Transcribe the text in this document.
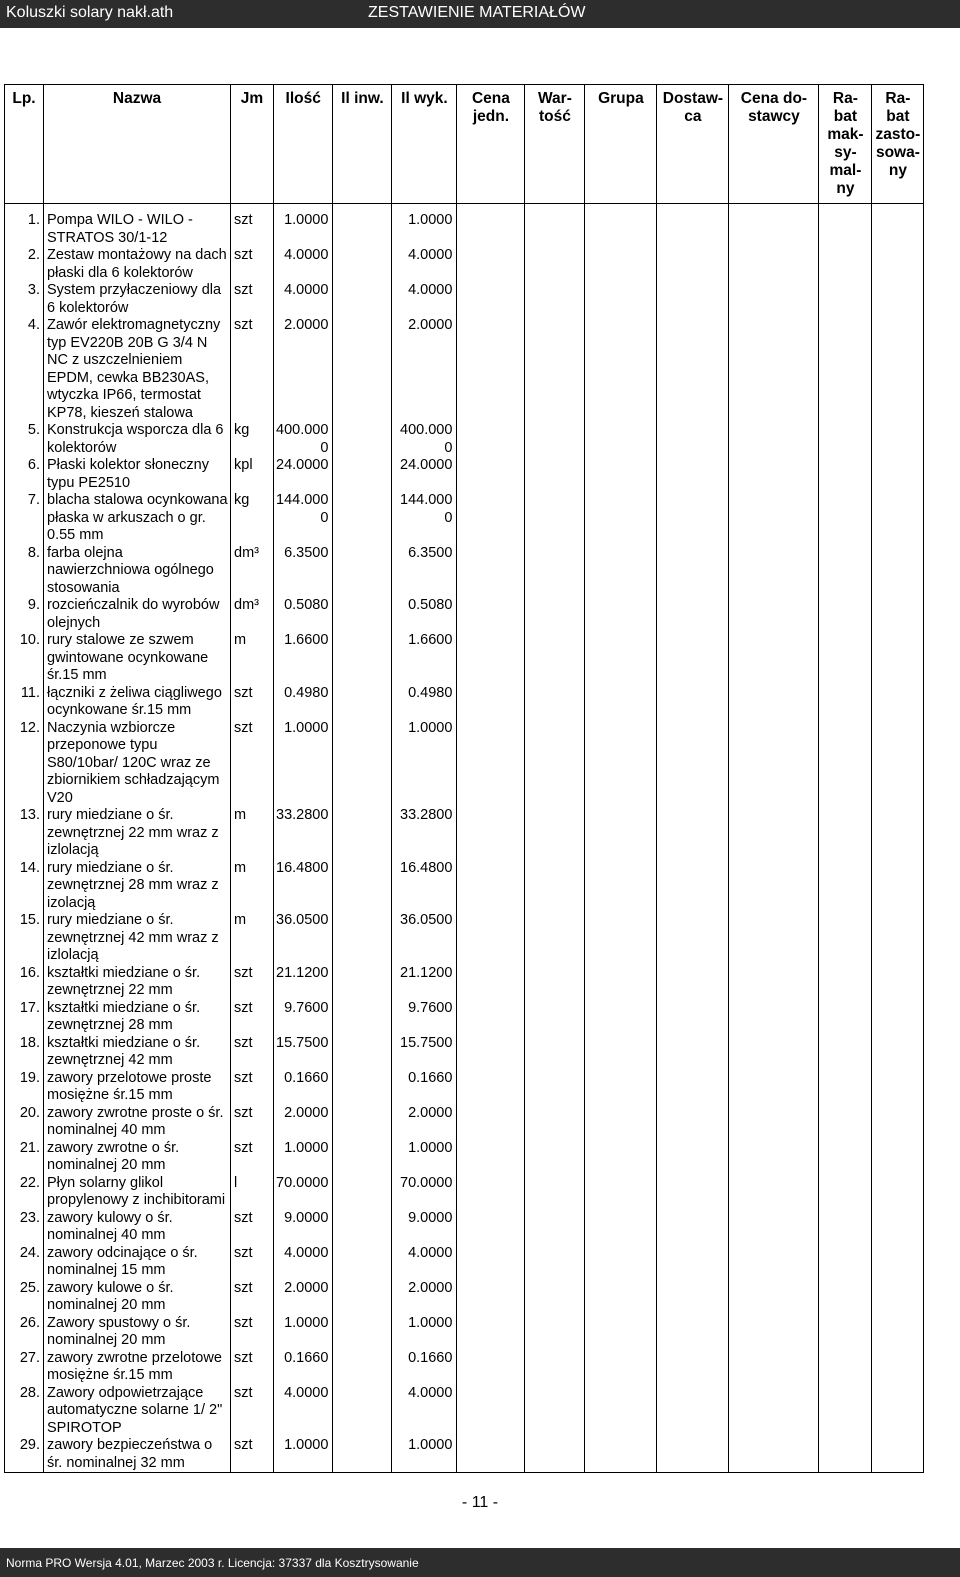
Koluszki solary nakł.ath	ZESTAWIENIE MATERIAŁÓW
Lp.	Nazwa	Jm	Ilość	Il inw.	Il wyk.	Cena jedn.	War-tość	Grupa	Dostaw-ca	Cena do-stawcy	Ra-bat mak-sy-mal-ny	Ra-bat zasto-sowa-ny

1.	Pompa WILO - WILO - STRATOS 30/1-12	szt	1.0000		1.0000							
2.	Zestaw montażowy na dach płaski dla 6 kolektorów	szt	4.0000		4.0000							
3.	System przyłaczeniowy dla 6 kolektorów	szt	4.0000		4.0000							
4.	Zawór elektromagnetyczny typ EV220B 20B G 3/4 N NC z uszczelnieniem EPDM, cewka BB230AS, wtyczka IP66, termostat KP78, kieszeń stalowa	szt	2.0000		2.0000							
5.	Konstrukcja wsporcza dla 6 kolektorów	kg	400.000 0		400.000 0							
6.	Płaski kolektor słoneczny typu PE2510	kpl	24.0000		24.0000							
7.	blacha stalowa ocynkowana płaska w arkuszach o gr. 0.55 mm	kg	144.000 0		144.000 0							
8.	farba olejna nawierzchniowa ogólnego stosowania	dm³	6.3500		6.3500							
9.	rozcieńczalnik do wyrobów olejnych	dm³	0.5080		0.5080							
10.	rury stalowe ze szwem gwintowane ocynkowane śr.15 mm	m	1.6600		1.6600							
11.	łączniki z żeliwa ciągliwego ocynkowane śr.15 mm	szt	0.4980		0.4980							
12.	Naczynia wzbiorcze przeponowe typu S80/10bar/ 120C wraz ze zbiornikiem schładzającym V20	szt	1.0000		1.0000							
13.	rury miedziane o śr. zewnętrznej 22 mm wraz z izlolacją	m	33.2800		33.2800							
14.	rury miedziane o śr. zewnętrznej 28 mm wraz z izolacją	m	16.4800		16.4800							
15.	rury miedziane o śr. zewnętrznej 42 mm wraz z izlolacją	m	36.0500		36.0500							
16.	kształtki miedziane o śr. zewnętrznej 22 mm	szt	21.1200		21.1200							
17.	kształtki miedziane o śr. zewnętrznej 28 mm	szt	9.7600		9.7600							
18.	kształtki miedziane o śr. zewnętrznej 42 mm	szt	15.7500		15.7500							
19.	zawory przelotowe proste mosiężne śr.15 mm	szt	0.1660		0.1660							
20.	zawory zwrotne proste o śr. nominalnej 40 mm	szt	2.0000		2.0000							
21.	zawory zwrotne o śr. nominalnej 20 mm	szt	1.0000		1.0000							
22.	Płyn solarny glikol propylenowy z inchibitorami	l	70.0000		70.0000							
23.	zawory kulowy o śr. nominalnej 40 mm	szt	9.0000		9.0000							
24.	zawory odcinające o śr. nominalnej 15 mm	szt	4.0000		4.0000							
25.	zawory kulowe o śr. nominalnej 20 mm	szt	2.0000		2.0000							
26.	Zawory spustowy o śr. nominalnej 20 mm	szt	1.0000		1.0000							
27.	zawory zwrotne przelotowe mosiężne śr.15 mm	szt	0.1660		0.1660							
28.	Zawory odpowietrzające automatyczne solarne 1/ 2" SPIROTOP	szt	4.0000		4.0000							
29.	zawory bezpieczeństwa o śr. nominalnej 32 mm	szt	1.0000		1.0000							
- 11 -
Norma PRO Wersja 4.01, Marzec 2003 r. Licencja: 37337 dla Kosztrysowanie
